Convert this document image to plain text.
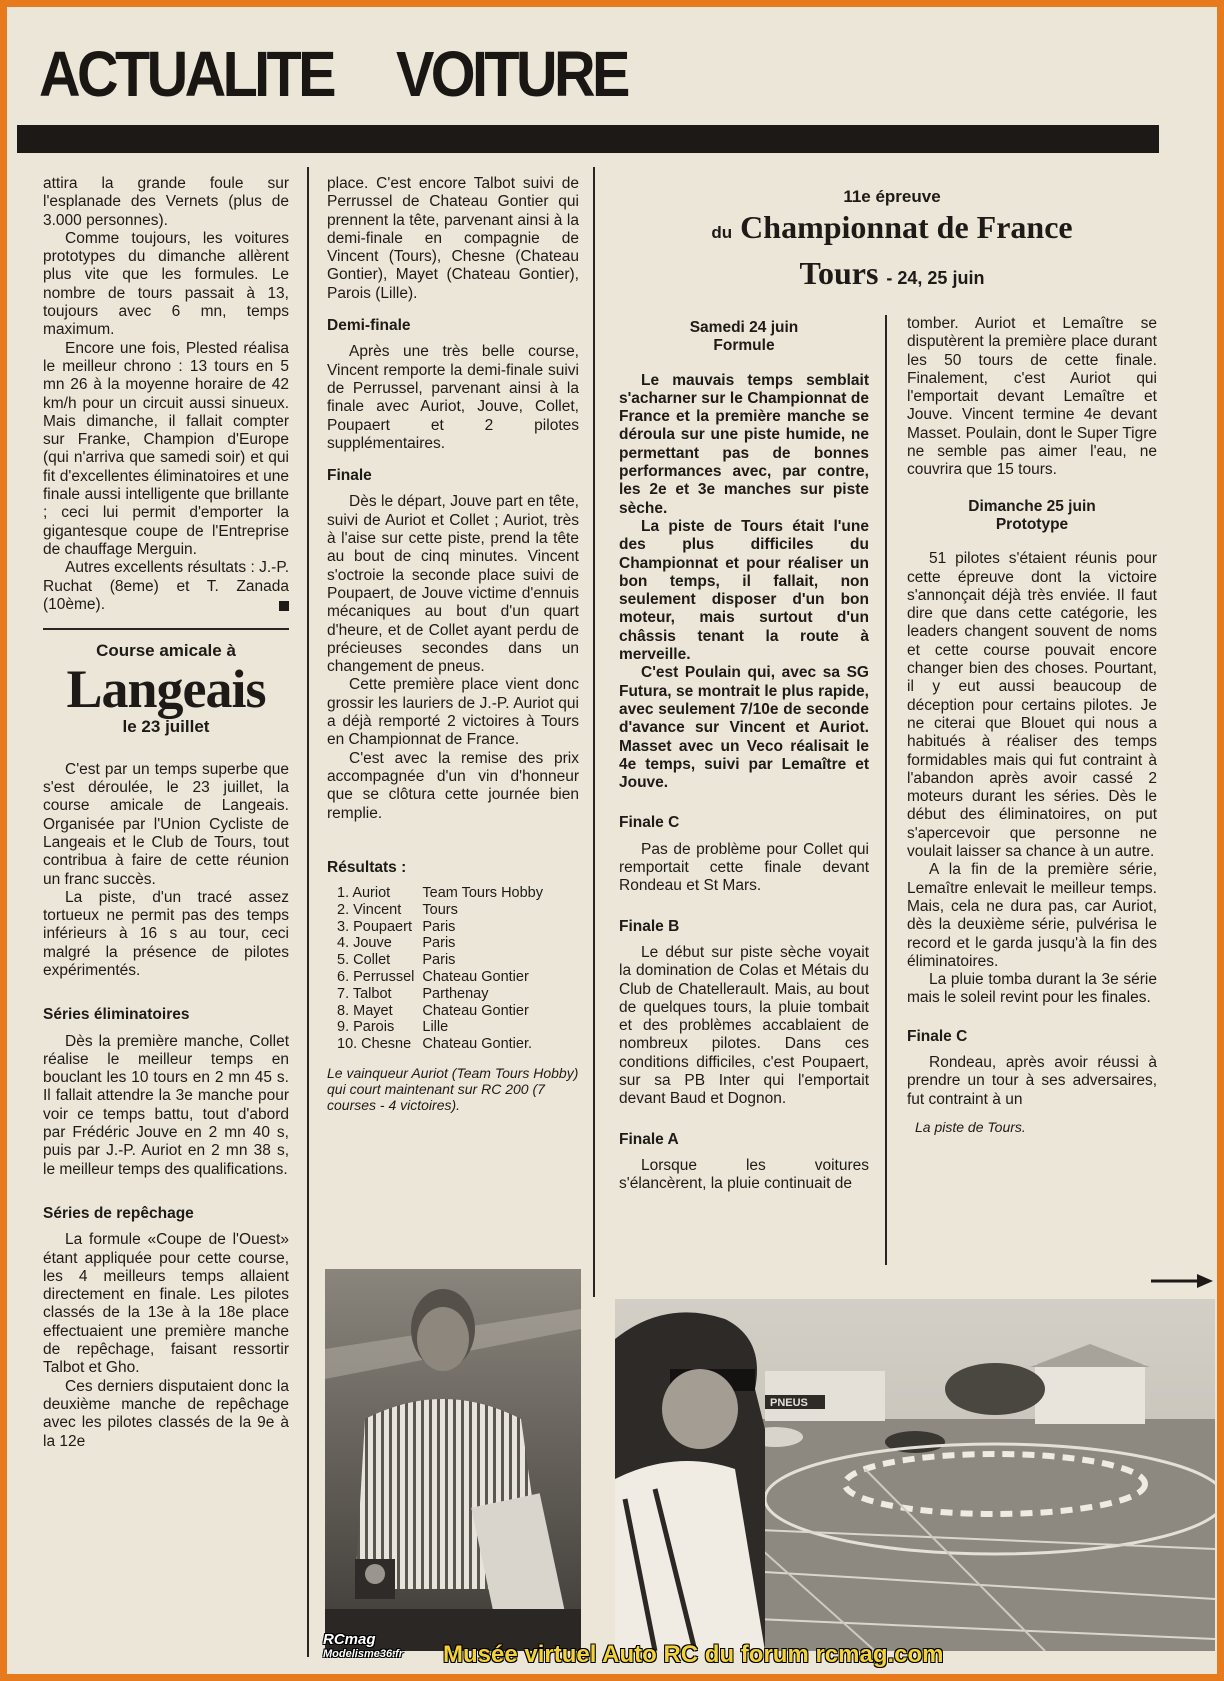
ACTUALITE VOITURE

attira la grande foule sur l'esplanade des Vernets (plus de 3.000 personnes).

Comme toujours, les voitures prototypes du dimanche allèrent plus vite que les formules. Le nombre de tours passait à 13, toujours avec 6 mn, temps maximum.

Encore une fois, Plested réalisa le meilleur chrono : 13 tours en 5 mn 26 à la moyenne horaire de 42 km/h pour un circuit aussi sinueux. Mais dimanche, il fallait compter sur Franke, Champion d'Europe (qui n'arriva que samedi soir) et qui fit d'excellentes éliminatoires et une finale aussi intelligente que brillante ; ceci lui permit d'emporter la gigantesque coupe de l'Entreprise de chauffage Merguin.

Autres excellents résultats : J.-P. Ruchat (8eme) et T. Zanada (10ème).

Course amicale à
Langeais
le 23 juillet

C'est par un temps superbe que s'est déroulée, le 23 juillet, la course amicale de Langeais. Organisée par l'Union Cycliste de Langeais et le Club de Tours, tout contribua à faire de cette réunion un franc succès.

La piste, d'un tracé assez tortueux ne permit pas des temps inférieurs à 16 s au tour, ceci malgré la présence de pilotes expérimentés.

Séries éliminatoires

Dès la première manche, Collet réalise le meilleur temps en bouclant les 10 tours en 2 mn 45 s. Il fallait attendre la 3e manche pour voir ce temps battu, tout d'abord par Frédéric Jouve en 2 mn 40 s, puis par J.-P. Auriot en 2 mn 38 s, le meilleur temps des qualifications.

Séries de repêchage

La formule «Coupe de l'Ouest» étant appliquée pour cette course, les 4 meilleurs temps allaient directement en finale. Les pilotes classés de la 13e à la 18e place effectuaient une première manche de repêchage, faisant ressortir Talbot et Gho.

Ces derniers disputaient donc la deuxième manche de repêchage avec les pilotes classés de la 9e à la 12e

place. C'est encore Talbot suivi de Perrussel de Chateau Gontier qui prennent la tête, parvenant ainsi à la demi-finale en compagnie de Vincent (Tours), Chesne (Chateau Gontier), Mayet (Chateau Gontier), Parois (Lille).

Demi-finale

Après une très belle course, Vincent remporte la demi-finale suivi de Perrussel, parvenant ainsi à la finale avec Auriot, Jouve, Collet, Poupaert et 2 pilotes supplémentaires.

Finale

Dès le départ, Jouve part en tête, suivi de Auriot et Collet ; Auriot, très à l'aise sur cette piste, prend la tête au bout de cinq minutes. Vincent s'octroie la seconde place suivi de Poupaert, de Jouve victime d'ennuis mécaniques au bout d'un quart d'heure, et de Collet ayant perdu de précieuses secondes dans un changement de pneus.

Cette première place vient donc grossir les lauriers de J.-P. Auriot qui a déjà remporté 2 victoires à Tours en Championnat de France.

C'est avec la remise des prix accompagnée d'un vin d'honneur que se clôtura cette journée bien remplie.

Résultats :
1. Auriot	Team Tours Hobby
2. Vincent	Tours
3. Poupaert	Paris
4. Jouve	Paris
5. Collet	Paris
6. Perrussel	Chateau Gontier
7. Talbot	Parthenay
8. Mayet	Chateau Gontier
9. Parois	Lille
10. Chesne	Chateau Gontier.
Le vainqueur Auriot (Team Tours Hobby) qui court maintenant sur RC 200 (7 courses - 4 victoires).
11e épreuve
du Championnat de France
Tours - 24, 25 juin
Samedi 24 juin
Formule

Le mauvais temps semblait s'acharner sur le Championnat de France et la première manche se déroula sur une piste humide, ne permettant pas de bonnes performances avec, par contre, les 2e et 3e manches sur piste sèche.

La piste de Tours était l'une des plus difficiles du Championnat et pour réaliser un bon temps, il fallait, non seulement disposer d'un bon moteur, mais surtout d'un châssis tenant la route à merveille.

C'est Poulain qui, avec sa SG Futura, se montrait le plus rapide, avec seulement 7/10e de seconde d'avance sur Vincent et Auriot. Masset avec un Veco réalisait le 4e temps, suivi par Lemaître et Jouve.

Finale C

Pas de problème pour Collet qui remportait cette finale devant Rondeau et St Mars.

Finale B

Le début sur piste sèche voyait la domination de Colas et Métais du Club de Chatellerault. Mais, au bout de quelques tours, la pluie tombait et des problèmes accablaient de nombreux pilotes. Dans ces conditions difficiles, c'est Poupaert, sur sa PB Inter qui l'emportait devant Baud et Dognon.

Finale A

Lorsque les voitures s'élancèrent, la pluie continuait de

tomber. Auriot et Lemaître se disputèrent la première place durant les 50 tours de cette finale. Finalement, c'est Auriot qui l'emportait devant Lemaître et Jouve. Vincent termine 4e devant Masset. Poulain, dont le Super Tigre ne semble pas aimer l'eau, ne couvrira que 15 tours.

Dimanche 25 juin
Prototype

51 pilotes s'étaient réunis pour cette épreuve dont la victoire s'annonçait déjà très enviée. Il faut dire que dans cette catégorie, les leaders changent souvent de noms et cette course pouvait encore changer bien des choses. Pourtant, il y eut aussi beaucoup de déception pour certains pilotes. Je ne citerai que Blouet qui nous a habitués à réaliser des temps formidables mais qui fut contraint à l'abandon après avoir cassé 2 moteurs durant les séries. Dès le début des éliminatoires, on put s'apercevoir que personne ne voulait laisser sa chance à un autre.

A la fin de la première série, Lemaître enlevait le meilleur temps. Mais, cela ne dura pas, car Auriot, dès la deuxième série, pulvérisa le record et le garda jusqu'à la fin des éliminatoires.

La pluie tomba durant la 3e série mais le soleil revint pour les finales.

Finale C

Rondeau, après avoir réussi à prendre un tour à ses adversaires, fut contraint à un

La piste de Tours.
PNEUS
RCmag
Modelisme36.fr Musée virtuel Auto RC du forum rcmag.com
